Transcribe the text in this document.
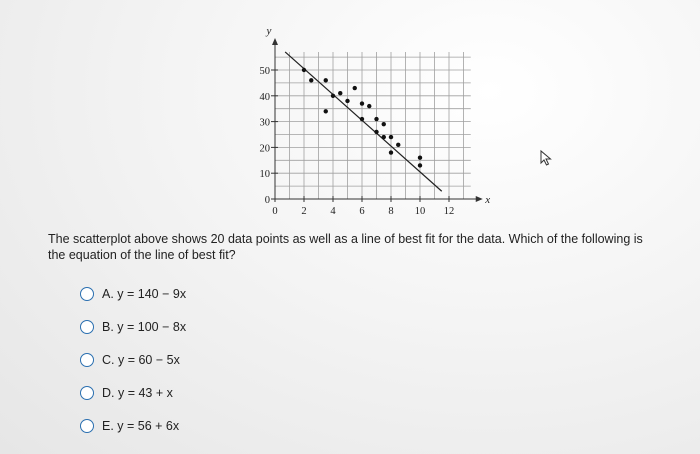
0
10
20
30
40
50
0 2 4 6 8 10 12
y
x
The scatterplot above shows 20 data points as well as a line of best fit for the data. Which of the following is the equation of the line of best fit?
A. y = 140 − 9x
B. y = 100 − 8x
C. y = 60 − 5x
D. y = 43 + x
E. y = 56 + 6x
